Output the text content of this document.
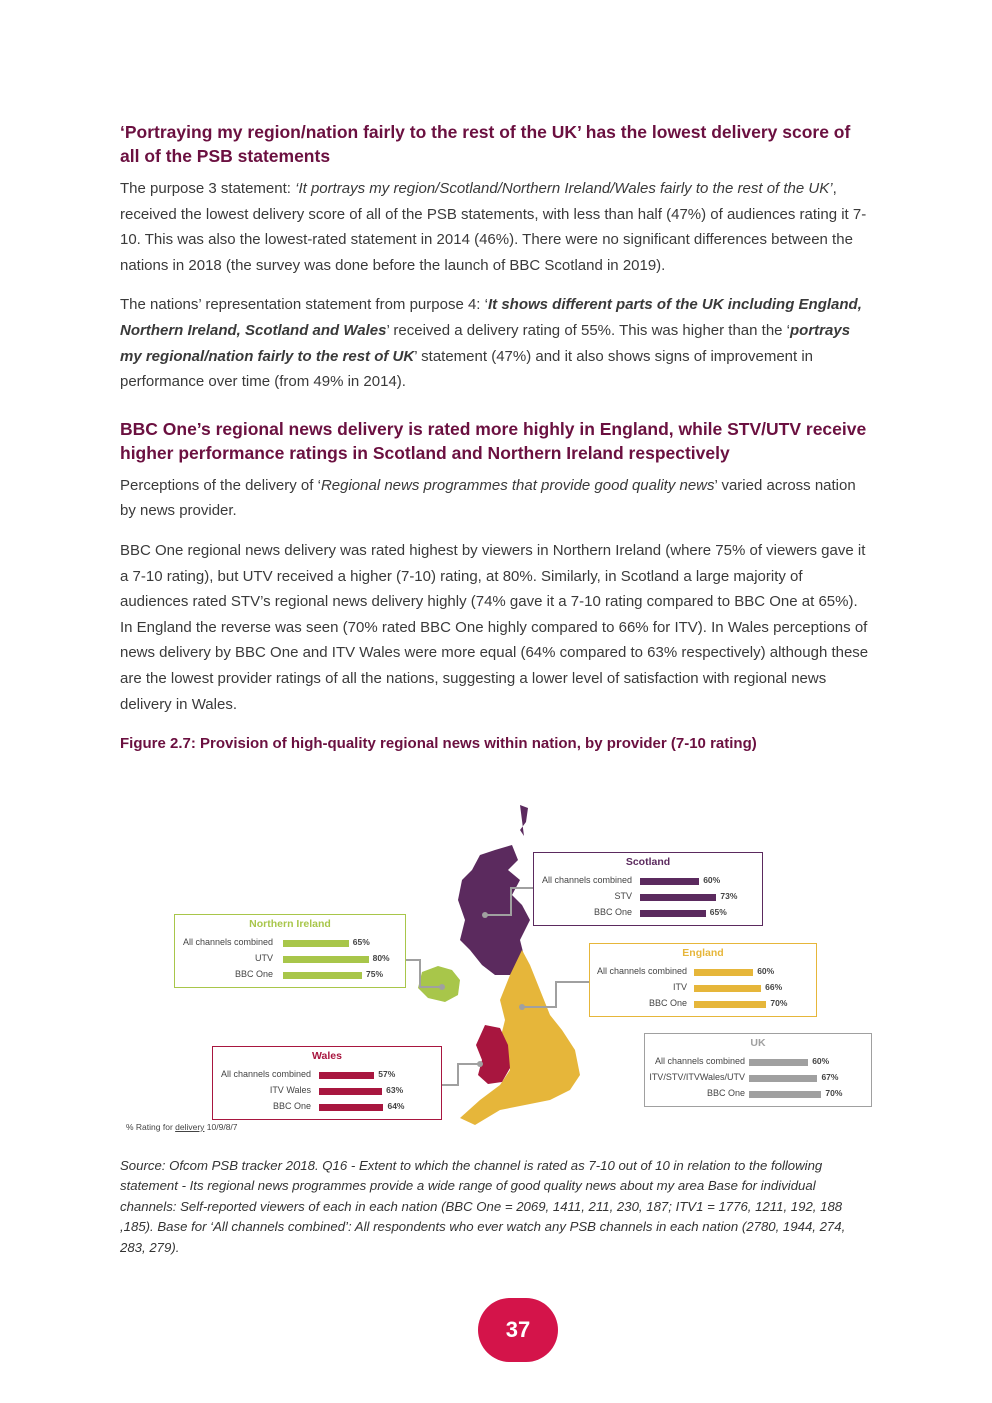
‘Portraying my region/nation fairly to the rest of the UK’ has the lowest delivery score of all of the PSB statements

The purpose 3 statement: ‘It portrays my region/Scotland/Northern Ireland/Wales fairly to the rest of the UK’, received the lowest delivery score of all of the PSB statements, with less than half (47%) of audiences rating it 7-10. This was also the lowest-rated statement in 2014 (46%). There were no significant differences between the nations in 2018 (the survey was done before the launch of BBC Scotland in 2019).

The nations’ representation statement from purpose 4: ‘It shows different parts of the UK including England, Northern Ireland, Scotland and Wales’ received a delivery rating of 55%. This was higher than the ‘portrays my regional/nation fairly to the rest of UK’ statement (47%) and it also shows signs of improvement in performance over time (from 49% in 2014).

BBC One’s regional news delivery is rated more highly in England, while STV/UTV receive higher performance ratings in Scotland and Northern Ireland respectively

Perceptions of the delivery of ‘Regional news programmes that provide good quality news’ varied across nation by news provider.

BBC One regional news delivery was rated highest by viewers in Northern Ireland (where 75% of viewers gave it a 7-10 rating), but UTV received a higher (7-10) rating, at 80%. Similarly, in Scotland a large majority of audiences rated STV’s regional news delivery highly (74% gave it a 7-10 rating compared to BBC One at 65%). In England the reverse was seen (70% rated BBC One highly compared to 66% for ITV). In Wales perceptions of news delivery by BBC One and ITV Wales were more equal (64% compared to 63% respectively) although these are the lowest provider ratings of all the nations, suggesting a lower level of satisfaction with regional news delivery in Wales.

Figure 2.7: Provision of high-quality regional news within nation, by provider (7-10 rating)
Scotland
All channels combined	60%
STV	73%
BBC One	65%
Northern Ireland
All channels combined	65%
UTV	80%
BBC One	75%
England
All channels combined	60%
ITV	66%
BBC One	70%
Wales
All channels combined	57%
ITV Wales	63%
BBC One	64%
UK
All channels combined	60%
ITV/STV/ITVWales/UTV	67%
BBC One	70%
% Rating for delivery 10/9/8/7
Source: Ofcom PSB tracker 2018. Q16 - Extent to which the channel is rated as 7-10 out of 10 in relation to the following statement - Its regional news programmes provide a wide range of good quality news about my area Base for individual channels: Self-reported viewers of each in each nation (BBC One = 2069, 1411, 211, 230, 187; ITV1 = 1776, 1211, 192, 188 ,185). Base for ‘All channels combined’: All respondents who ever watch any PSB channels in each nation (2780, 1944, 274, 283, 279).
37
